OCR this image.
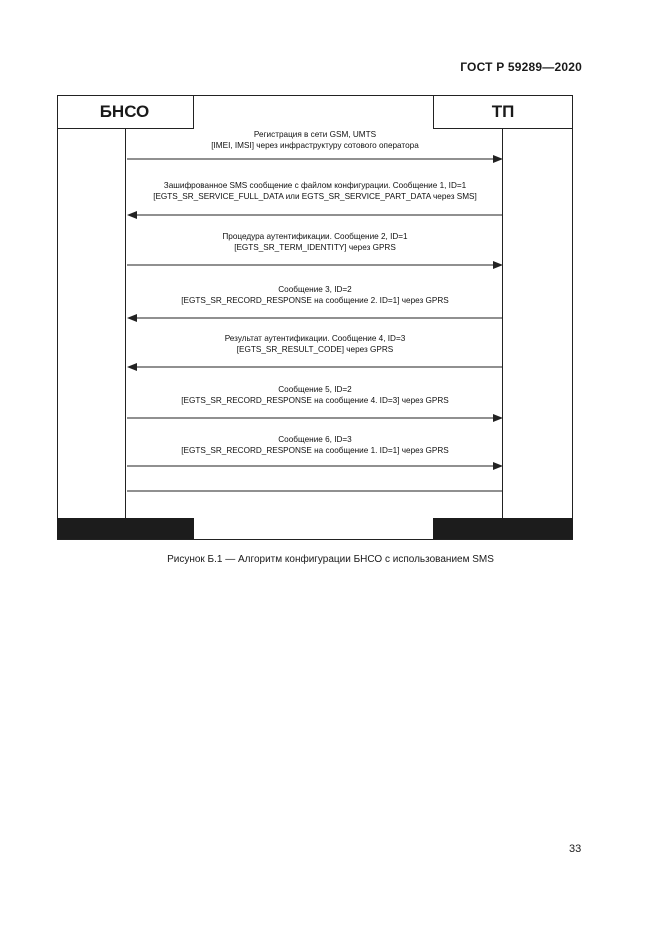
ГОСТ Р 59289—2020
БНСО	ТП
Регистрация в сети GSM, UMTS
[IMEI, IMSI] через инфраструктуру сотового оператора
Зашифрованное SMS сообщение с файлом конфигурации. Сообщение 1, ID=1
[EGTS_SR_SERVICE_FULL_DATA или EGTS_SR_SERVICE_PART_DATA через SMS]
Процедура аутентификации. Сообщение 2, ID=1
[EGTS_SR_TERM_IDENTITY] через GPRS
Сообщение 3, ID=2
[EGTS_SR_RECORD_RESPONSE на сообщение 2. ID=1] через GPRS
Результат аутентификации. Сообщение 4, ID=3
[EGTS_SR_RESULT_CODE] через GPRS
Сообщение 5, ID=2
[EGTS_SR_RECORD_RESPONSE на сообщение 4. ID=3] через GPRS
Сообщение 6, ID=3
[EGTS_SR_RECORD_RESPONSE на сообщение 1. ID=1] через GPRS
Рисунок Б.1 — Алгоритм конфигурации БНСО с использованием SMS
33
